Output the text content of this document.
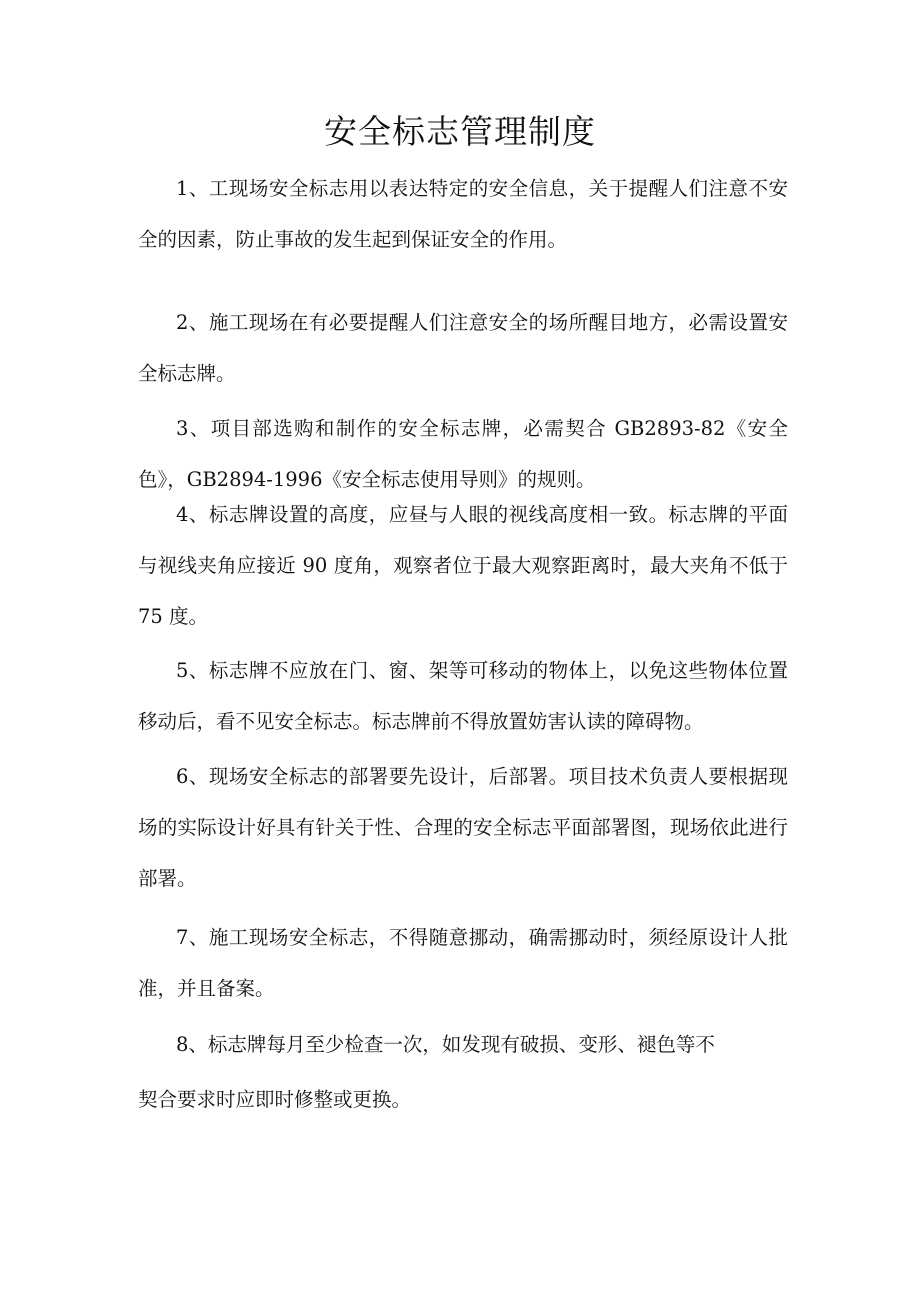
安全标志管理制度
1、工现场安全标志用以表达特定的安全信息，关于提醒人们注意不安全的因素，防止事故的发生起到保证安全的作用。
2、施工现场在有必要提醒人们注意安全的场所醒目地方，必需设置安全标志牌。
3、项目部选购和制作的安全标志牌，必需契合 GB2893-82《安全色》，GB2894-1996《安全标志使用导则》的规则。
4、标志牌设置的高度，应昼与人眼的视线高度相一致。标志牌的平面与视线夹角应接近 90 度角，观察者位于最大观察距离时，最大夹角不低于 75 度。
5、标志牌不应放在门、窗、架等可移动的物体上，以免这些物体位置移动后，看不见安全标志。标志牌前不得放置妨害认读的障碍物。
6、现场安全标志的部署要先设计，后部署。项目技术负责人要根据现场的实际设计好具有针关于性、合理的安全标志平面部署图，现场依此进行部署。
7、施工现场安全标志，不得随意挪动，确需挪动时，须经原设计人批准，并且备案。
8、标志牌每月至少检查一次，如发现有破损、变形、褪色等不
契合要求时应即时修整或更换。
